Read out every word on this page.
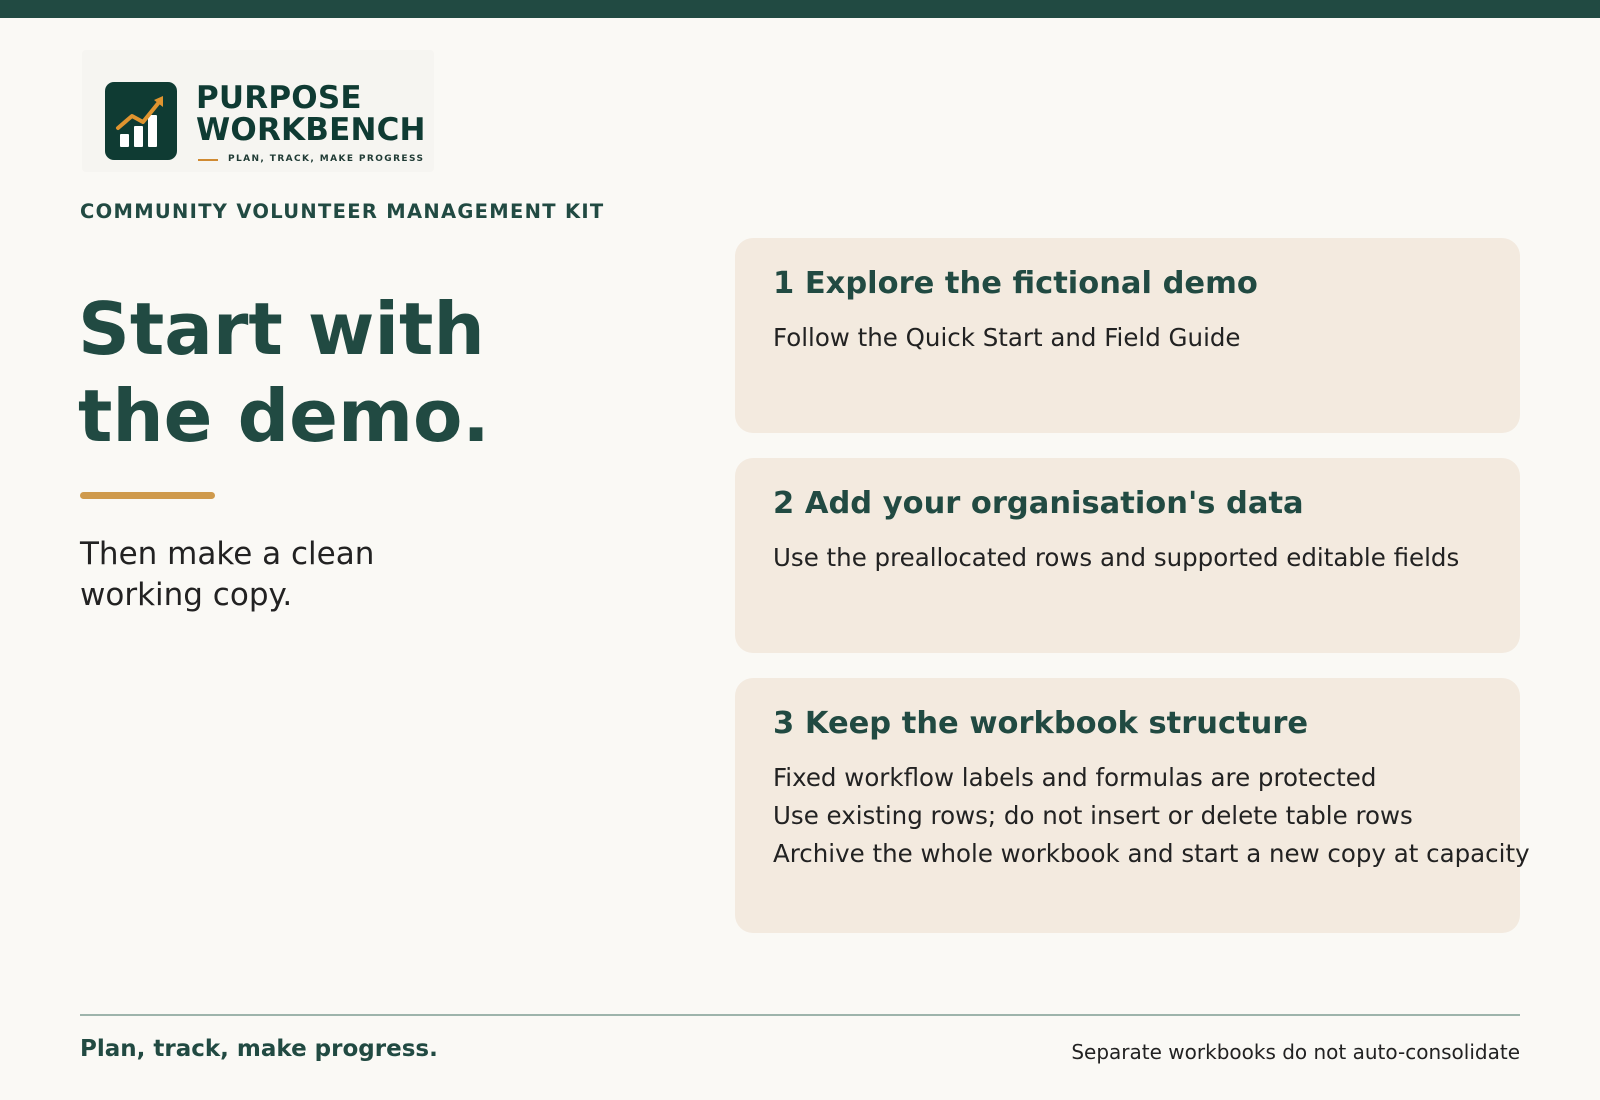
PURPOSE
WORKBENCH
PLAN, TRACK, MAKE PROGRESS
COMMUNITY VOLUNTEER MANAGEMENT KIT
Start with
the demo.
Then make a clean
working copy.
1 Explore the fictional demo
Follow the Quick Start and Field Guide
2 Add your organisation's data
Use the preallocated rows and supported editable fields
3 Keep the workbook structure
Fixed workflow labels and formulas are protected
Use existing rows; do not insert or delete table rows
Archive the whole workbook and start a new copy at capacity
Plan, track, make progress.	Separate workbooks do not auto-consolidate
